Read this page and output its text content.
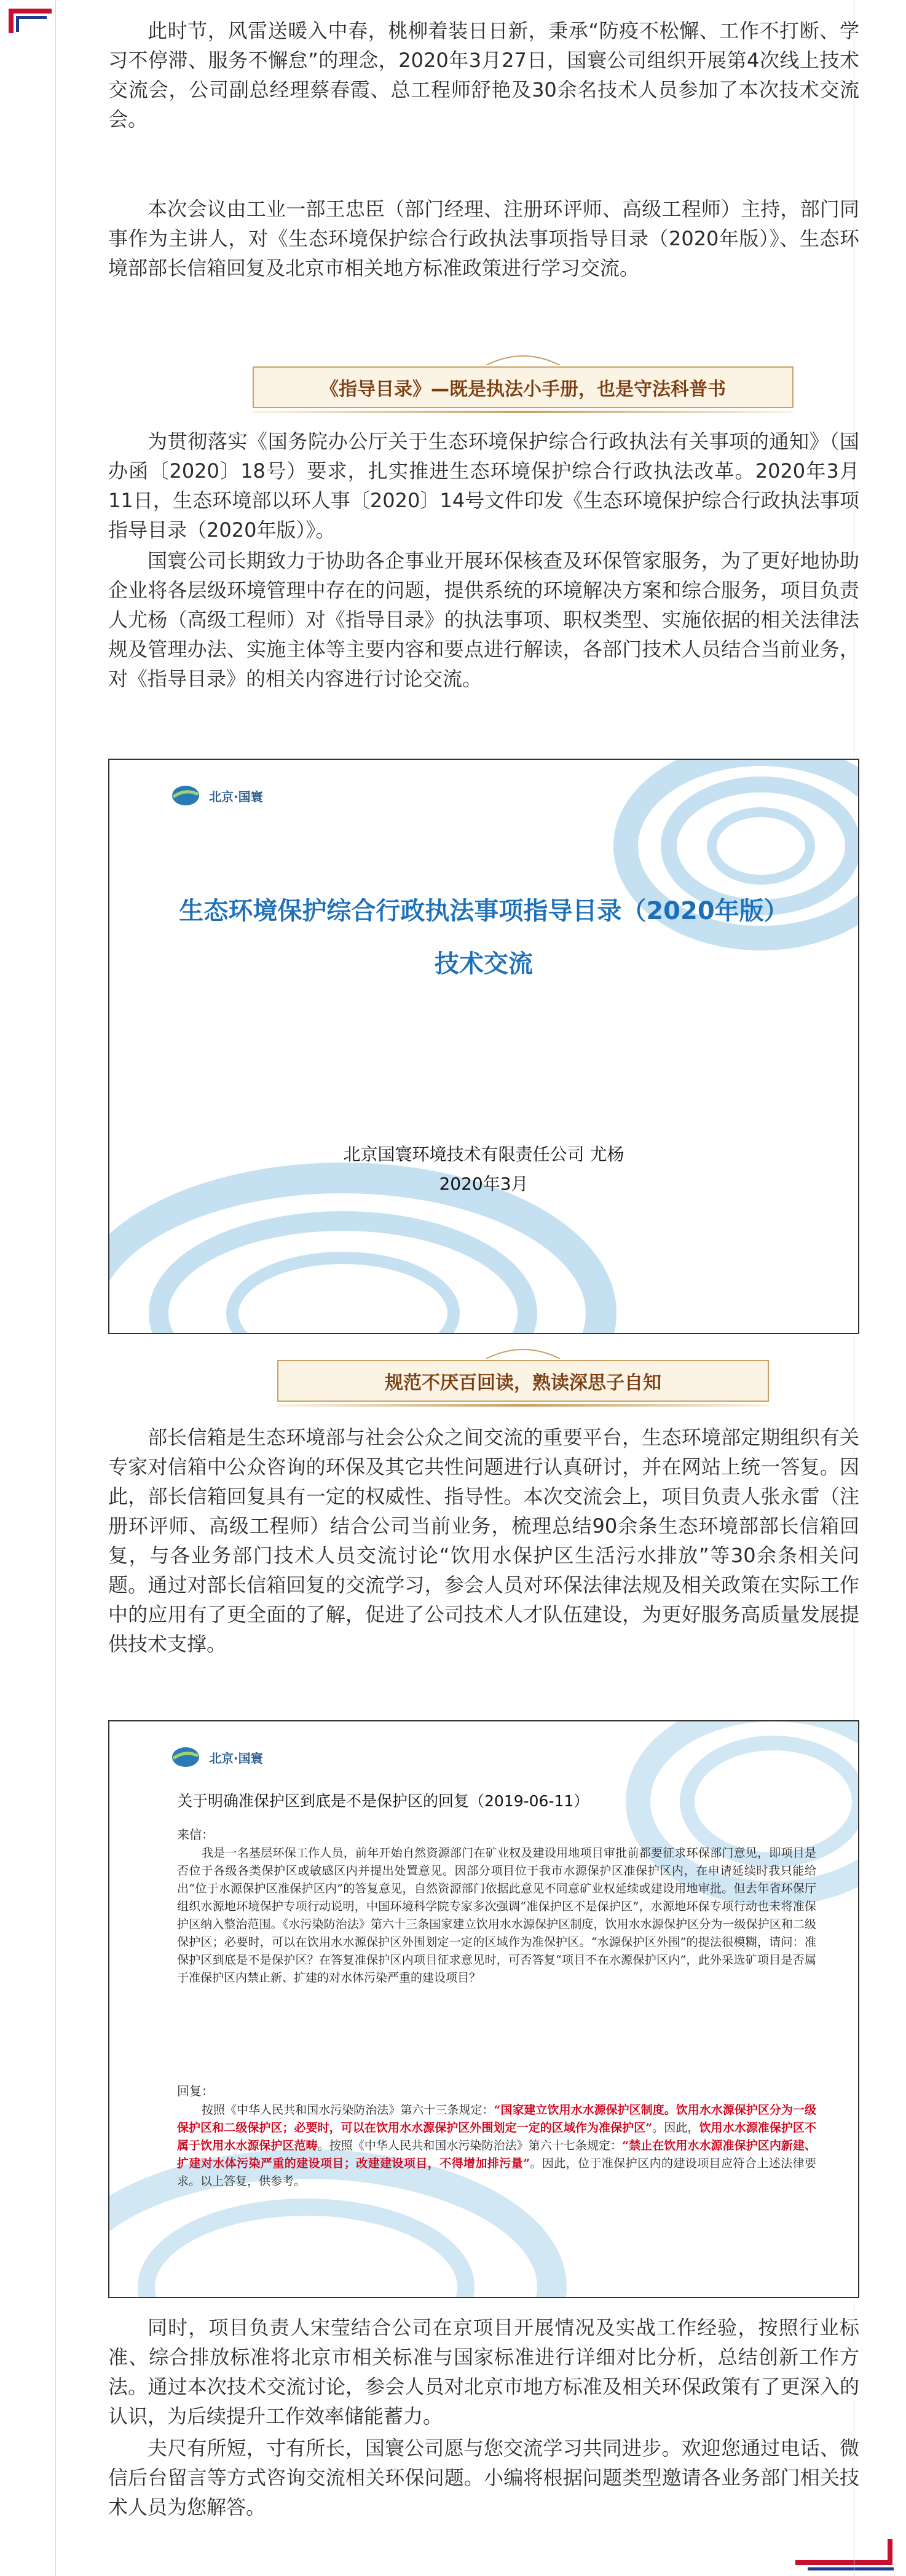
此时节，风雷送暖入中春，桃柳着装日日新，秉承“防疫不松懈、工作不打断、学习不停滞、服务不懈怠”的理念，2020年3月27日，国寰公司组织开展第4次线上技术交流会，公司副总经理蔡春霞、总工程师舒艳及30余名技术人员参加了本次技术交流会。

本次会议由工业一部王忠臣（部门经理、注册环评师、高级工程师）主持，部门同事作为主讲人，对《生态环境保护综合行政执法事项指导目录（2020年版）》、生态环境部部长信箱回复及北京市相关地方标准政策进行学习交流。

《指导目录》—既是执法小手册，也是守法科普书

为贯彻落实《国务院办公厅关于生态环境保护综合行政执法有关事项的通知》（国办函〔2020〕18号）要求，扎实推进生态环境保护综合行政执法改革。2020年3月11日，生态环境部以环人事〔2020〕14号文件印发《生态环境保护综合行政执法事项指导目录（2020年版）》。

国寰公司长期致力于协助各企事业开展环保核查及环保管家服务，为了更好地协助企业将各层级环境管理中存在的问题，提供系统的环境解决方案和综合服务，项目负责人尤杨（高级工程师）对《指导目录》的执法事项、职权类型、实施依据的相关法律法规及管理办法、实施主体等主要内容和要点进行解读，各部门技术人员结合当前业务，对《指导目录》的相关内容进行讨论交流。

北京·国寰
生态环境保护综合行政执法事项指导目录（2020年版）
技术交流
北京国寰环境技术有限责任公司 尤杨
2020年3月
规范不厌百回读，熟读深思子自知

部长信箱是生态环境部与社会公众之间交流的重要平台，生态环境部定期组织有关专家对信箱中公众咨询的环保及其它共性问题进行认真研讨，并在网站上统一答复。因此，部长信箱回复具有一定的权威性、指导性。本次交流会上，项目负责人张永雷（注册环评师、高级工程师）结合公司当前业务，梳理总结90余条生态环境部部长信箱回复，与各业务部门技术人员交流讨论“饮用水保护区生活污水排放”等30余条相关问题。通过对部长信箱回复的交流学习，参会人员对环保法律法规及相关政策在实际工作中的应用有了更全面的了解，促进了公司技术人才队伍建设，为更好服务高质量发展提供技术支撑。

北京·国寰
关于明确准保护区到底是不是保护区的回复（2019-06-11）
来信：

我是一名基层环保工作人员，前年开始自然资源部门在矿业权及建设用地项目审批前都要征求环保部门意见，即项目是否位于各级各类保护区或敏感区内并提出处置意见。因部分项目位于我市水源保护区准保护区内，在申请延续时我只能给出“位于水源保护区准保护区内”的答复意见，自然资源部门依据此意见不同意矿业权延续或建设用地审批。但去年省环保厅组织水源地环境保护专项行动说明，中国环境科学院专家多次强调“准保护区不是保护区”，水源地环保专项行动也未将准保护区纳入整治范围。《水污染防治法》第六十三条国家建立饮用水水源保护区制度，饮用水水源保护区分为一级保护区和二级保护区；必要时，可以在饮用水水源保护区外围划定一定的区域作为准保护区。“水源保护区外围”的提法很模糊，请问：准保护区到底是不是保护区？在答复准保护区内项目征求意见时，可否答复“项目不在水源保护区内”，此外采选矿项目是否属于准保护区内禁止新、扩建的对水体污染严重的建设项目？

回复：

按照《中华人民共和国水污染防治法》第六十三条规定：“国家建立饮用水水源保护区制度。饮用水水源保护区分为一级保护区和二级保护区；必要时，可以在饮用水水源保护区外围划定一定的区域作为准保护区”。因此，饮用水水源准保护区不属于饮用水水源保护区范畴。按照《中华人民共和国水污染防治法》第六十七条规定：“禁止在饮用水水源准保护区内新建、扩建对水体污染严重的建设项目；改建建设项目，不得增加排污量”。因此，位于准保护区内的建设项目应符合上述法律要求。以上答复，供参考。

同时，项目负责人宋莹结合公司在京项目开展情况及实战工作经验，按照行业标准、综合排放标准将北京市相关标准与国家标准进行详细对比分析，总结创新工作方法。通过本次技术交流讨论，参会人员对北京市地方标准及相关环保政策有了更深入的认识，为后续提升工作效率储能蓄力。

夫尺有所短，寸有所长，国寰公司愿与您交流学习共同进步。欢迎您通过电话、微信后台留言等方式咨询交流相关环保问题。小编将根据问题类型邀请各业务部门相关技术人员为您解答。
